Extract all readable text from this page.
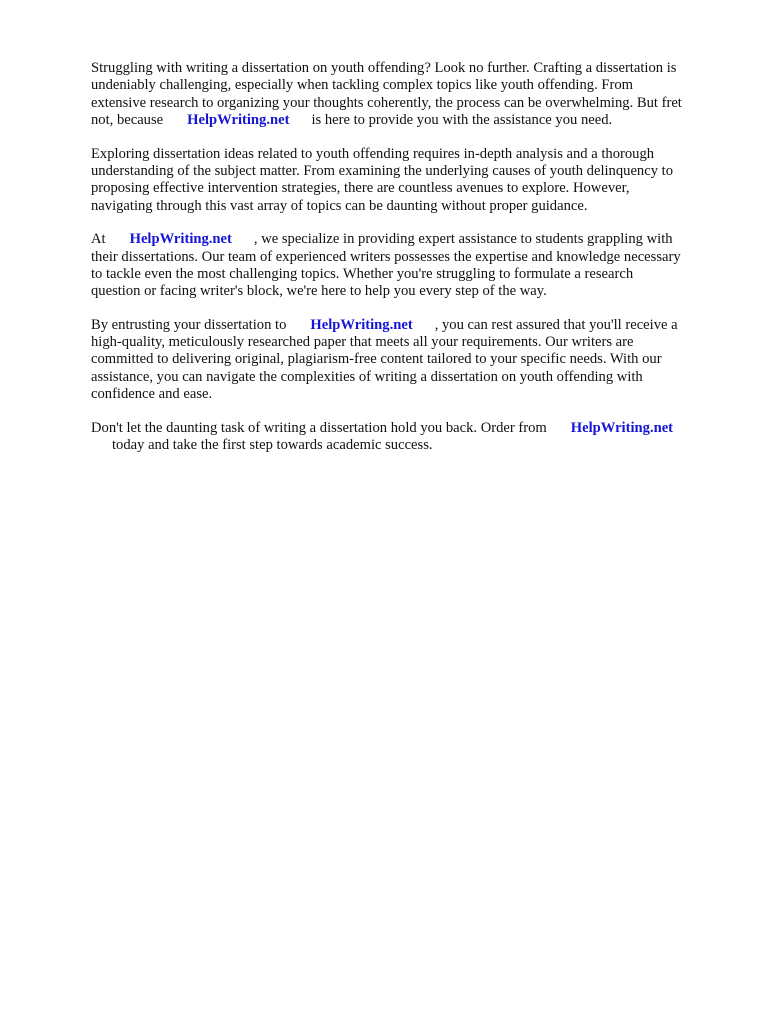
Struggling with writing a dissertation on youth offending? Look no further. Crafting a dissertation is
undeniably challenging, especially when tackling complex topics like youth offending. From
extensive research to organizing your thoughts coherently, the process can be overwhelming. But fret
not, because HelpWriting.net is here to provide you with the assistance you need.

Exploring dissertation ideas related to youth offending requires in-depth analysis and a thorough
understanding of the subject matter. From examining the underlying causes of youth delinquency to
proposing effective intervention strategies, there are countless avenues to explore. However,
navigating through this vast array of topics can be daunting without proper guidance.

At HelpWriting.net , we specialize in providing expert assistance to students grappling with
their dissertations. Our team of experienced writers possesses the expertise and knowledge necessary
to tackle even the most challenging topics. Whether you're struggling to formulate a research
question or facing writer's block, we're here to help you every step of the way.

By entrusting your dissertation to HelpWriting.net , you can rest assured that you'll receive a
high-quality, meticulously researched paper that meets all your requirements. Our writers are
committed to delivering original, plagiarism-free content tailored to your specific needs. With our
assistance, you can navigate the complexities of writing a dissertation on youth offending with
confidence and ease.

Don't let the daunting task of writing a dissertation hold you back. Order from HelpWriting.net
today and take the first step towards academic success.
